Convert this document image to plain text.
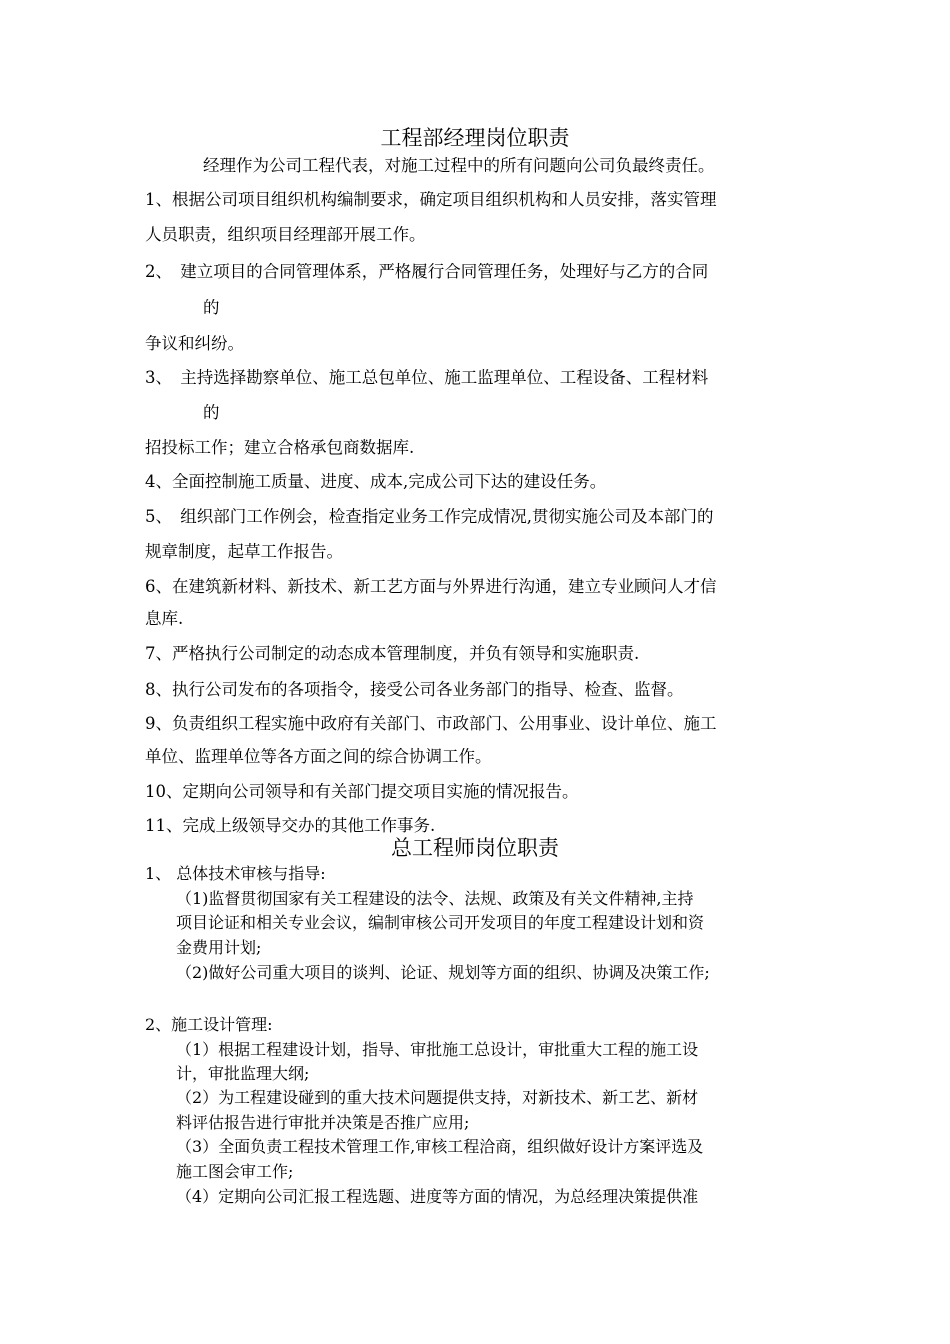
工程部经理岗位职责
经理作为公司工程代表，对施工过程中的所有问题向公司负最终责任。
1、根据公司项目组织机构编制要求，确定项目组织机构和人员安排，落实管理
人员职责，组织项目经理部开展工作。
2、　建立项目的合同管理体系，严格履行合同管理任务，处理好与乙方的合同
的
争议和纠纷。
3、　主持选择勘察单位、施工总包单位、施工监理单位、工程设备、工程材料
的
招投标工作；建立合格承包商数据库.
4、全面控制施工质量、进度、成本,完成公司下达的建设任务。
5、　组织部门工作例会，检查指定业务工作完成情况,贯彻实施公司及本部门的
规章制度，起草工作报告。
6、在建筑新材料、新技术、新工艺方面与外界进行沟通，建立专业顾问人才信
息库.
7、严格执行公司制定的动态成本管理制度，并负有领导和实施职责.
8、执行公司发布的各项指令，接受公司各业务部门的指导、检查、监督。
9、负责组织工程实施中政府有关部门、市政部门、公用事业、设计单位、施工
单位、监理单位等各方面之间的综合协调工作。
10、定期向公司领导和有关部门提交项目实施的情况报告。
11、完成上级领导交办的其他工作事务.
总工程师岗位职责
1、 总体技术审核与指导:
（1)监督贯彻国家有关工程建设的法令、法规、政策及有关文件精神,主持
项目论证和相关专业会议，编制审核公司开发项目的年度工程建设计划和资
金费用计划;
（2)做好公司重大项目的谈判、论证、规划等方面的组织、协调及决策工作;
2、施工设计管理:
（1）根据工程建设计划，指导、审批施工总设计，审批重大工程的施工设
计，审批监理大纲;
（2）为工程建设碰到的重大技术问题提供支持，对新技术、新工艺、新材
料评估报告进行审批并决策是否推广应用;
（3）全面负责工程技术管理工作,审核工程洽商，组织做好设计方案评选及
施工图会审工作;
（4）定期向公司汇报工程选题、进度等方面的情况，为总经理决策提供准
